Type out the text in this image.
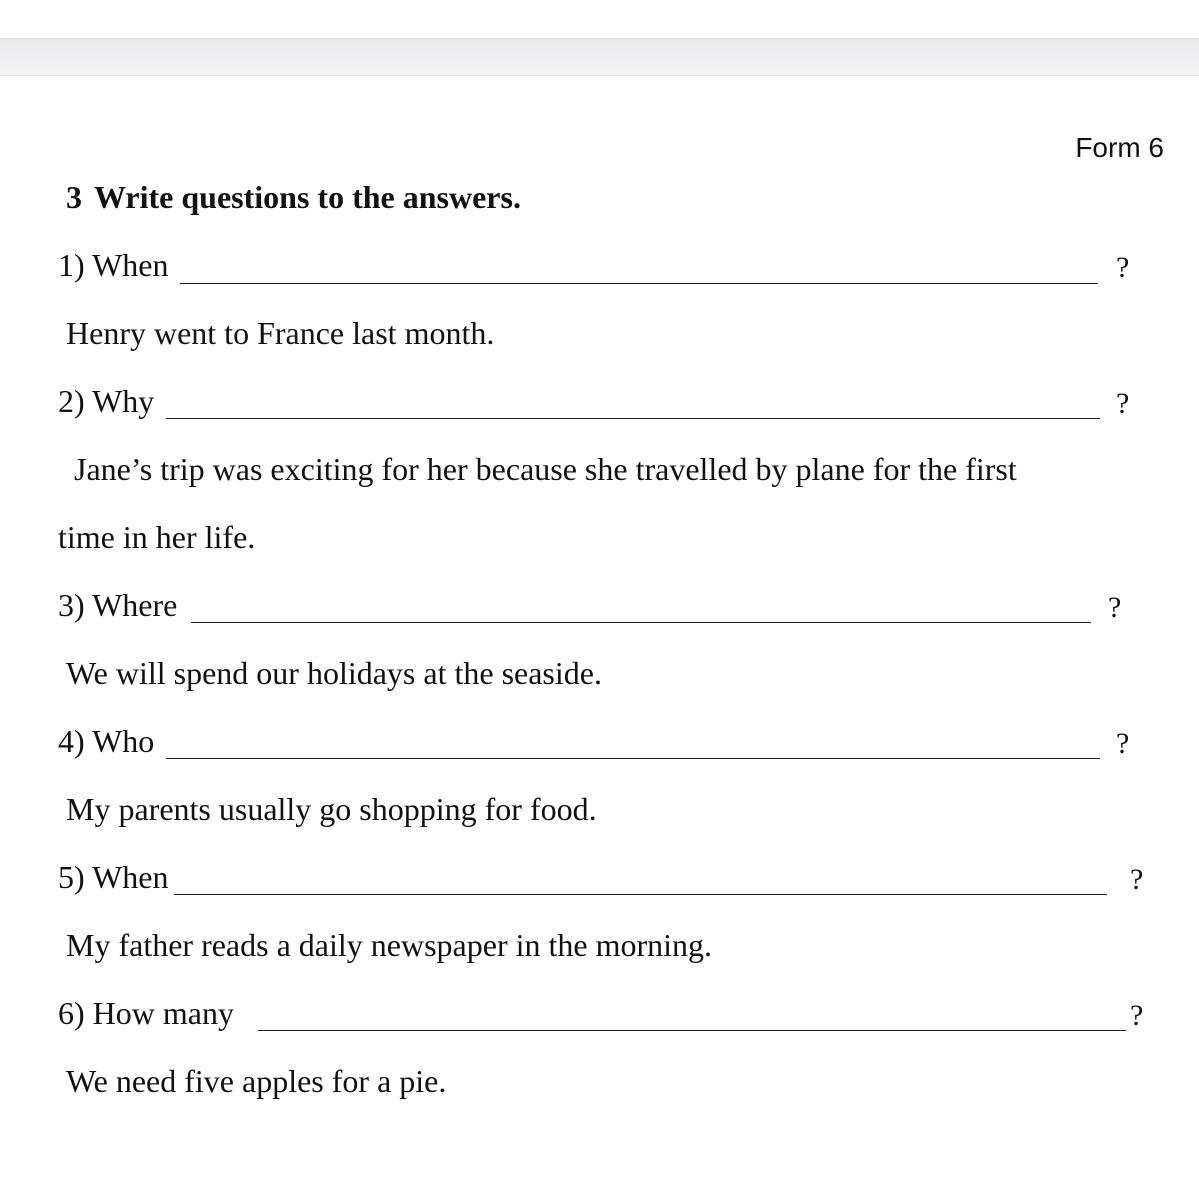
Form 6
3 Write questions to the answers.
1) When	?
Henry went to France last month.
2) Why	?
Jane’s trip was exciting for her because she travelled by plane for the first
time in her life.
3) Where	?
We will spend our holidays at the seaside.
4) Who	?
My parents usually go shopping for food.
5) When	?
My father reads a daily newspaper in the morning.
6) How many	?
We need five apples for a pie.
